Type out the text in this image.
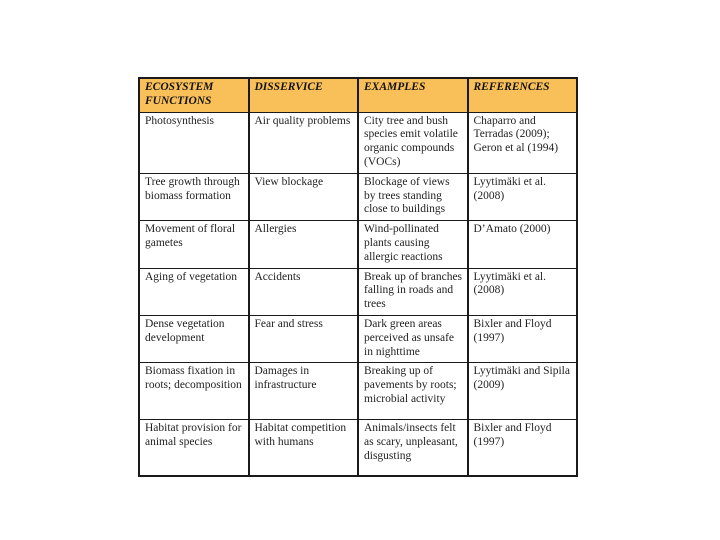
ECOSYSTEM FUNCTIONS	DISSERVICE	EXAMPLES	REFERENCES
Photosynthesis	Air quality problems	City tree and bush species emit volatile organic compounds (VOCs)	Chaparro and Terradas (2009); Geron et al (1994)
Tree growth through biomass formation	View blockage	Blockage of views by trees standing close to buildings	Lyytimäki et al. (2008)
Movement of floral gametes	Allergies	Wind-pollinated plants causing allergic reactions	D’Amato (2000)
Aging of vegetation	Accidents	Break up of branches falling in roads and trees	Lyytimäki et al. (2008)
Dense vegetation development	Fear and stress	Dark green areas perceived as unsafe in nighttime	Bixler and Floyd (1997)
Biomass fixation in roots; decomposition	Damages in infrastructure	Breaking up of pavements by roots; microbial activity	Lyytimäki and Sipila (2009)
Habitat provision for animal species	Habitat competition with humans	Animals/insects felt as scary, unpleasant, disgusting	Bixler and Floyd (1997)
